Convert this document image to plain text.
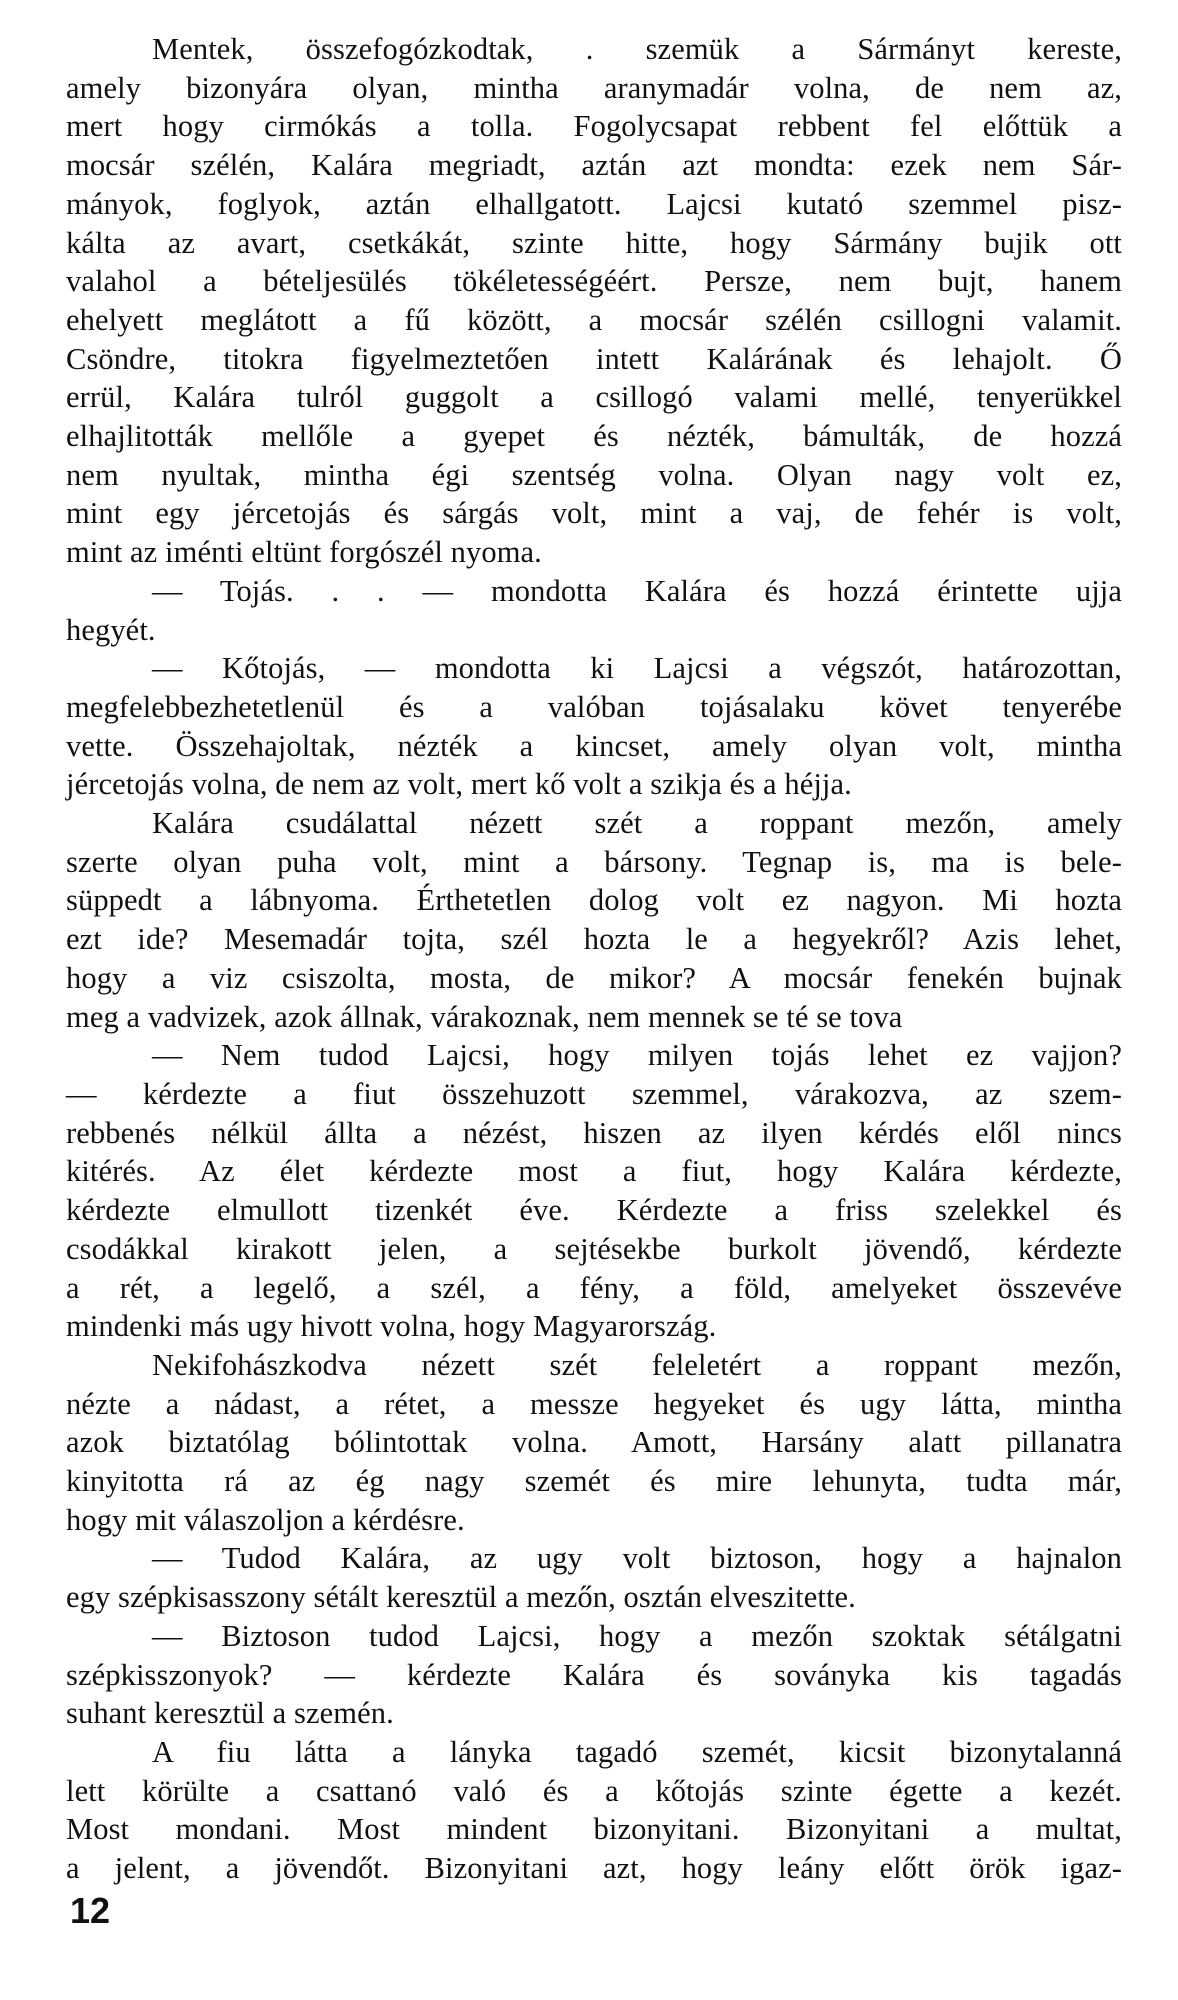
Mentek, összefogózkodtak, . szemük a Sármányt kereste,
amely bizonyára olyan, mintha aranymadár volna, de nem az,
mert hogy cirmókás a tolla. Fogolycsapat rebbent fel előttük a
mocsár szélén, Kalára megriadt, aztán azt mondta: ezek nem Sár-
mányok, foglyok, aztán elhallgatott. Lajcsi kutató szemmel pisz-
kálta az avart, csetkákát, szinte hitte, hogy Sármány bujik ott
valahol a bételjesülés tökéletességéért. Persze, nem bujt, hanem
ehelyett meglátott a fű között, a mocsár szélén csillogni valamit.
Csöndre, titokra figyelmeztetően intett Kalárának és lehajolt. Ő
errül, Kalára tulról guggolt a csillogó valami mellé, tenyerükkel
elhajlitották mellőle a gyepet és nézték, bámulták, de hozzá
nem nyultak, mintha égi szentség volna. Olyan nagy volt ez,
mint egy jércetojás és sárgás volt, mint a vaj, de fehér is volt,
mint az iménti eltünt forgószél nyoma.
— Tojás. . . — mondotta Kalára és hozzá érintette ujja
hegyét.
— Kőtojás, — mondotta ki Lajcsi a végszót, határozottan,
megfelebbezhetetlenül és a valóban tojásalaku követ tenyerébe
vette. Összehajoltak, nézték a kincset, amely olyan volt, mintha
jércetojás volna, de nem az volt, mert kő volt a szikja és a héjja.
Kalára csudálattal nézett szét a roppant mezőn, amely
szerte olyan puha volt, mint a bársony. Tegnap is, ma is bele-
süppedt a lábnyoma. Érthetetlen dolog volt ez nagyon. Mi hozta
ezt ide? Mesemadár tojta, szél hozta le a hegyekről? Azis lehet,
hogy a viz csiszolta, mosta, de mikor? A mocsár fenekén bujnak
meg a vadvizek, azok állnak, várakoznak, nem mennek se té se tova
— Nem tudod Lajcsi, hogy milyen tojás lehet ez vajjon?
— kérdezte a fiut összehuzott szemmel, várakozva, az szem-
rebbenés nélkül állta a nézést, hiszen az ilyen kérdés elől nincs
kitérés. Az élet kérdezte most a fiut, hogy Kalára kérdezte,
kérdezte elmullott tizenkét éve. Kérdezte a friss szelekkel és
csodákkal kirakott jelen, a sejtésekbe burkolt jövendő, kérdezte
a rét, a legelő, a szél, a fény, a föld, amelyeket összevéve
mindenki más ugy hivott volna, hogy Magyarország.
Nekifohászkodva nézett szét feleletért a roppant mezőn,
nézte a nádast, a rétet, a messze hegyeket és ugy látta, mintha
azok biztatólag bólintottak volna. Amott, Harsány alatt pillanatra
kinyitotta rá az ég nagy szemét és mire lehunyta, tudta már,
hogy mit válaszoljon a kérdésre.
— Tudod Kalára, az ugy volt biztoson, hogy a hajnalon
egy szépkisasszony sétált keresztül a mezőn, osztán elveszitette.
— Biztoson tudod Lajcsi, hogy a mezőn szoktak sétálgatni
szépkisszonyok? — kérdezte Kalára és soványka kis tagadás
suhant keresztül a szemén.
A fiu látta a lányka tagadó szemét, kicsit bizonytalanná
lett körülte a csattanó való és a kőtojás szinte égette a kezét.
Most mondani. Most mindent bizonyitani. Bizonyitani a multat,
a jelent, a jövendőt. Bizonyitani azt, hogy leány előtt örök igaz-
12
